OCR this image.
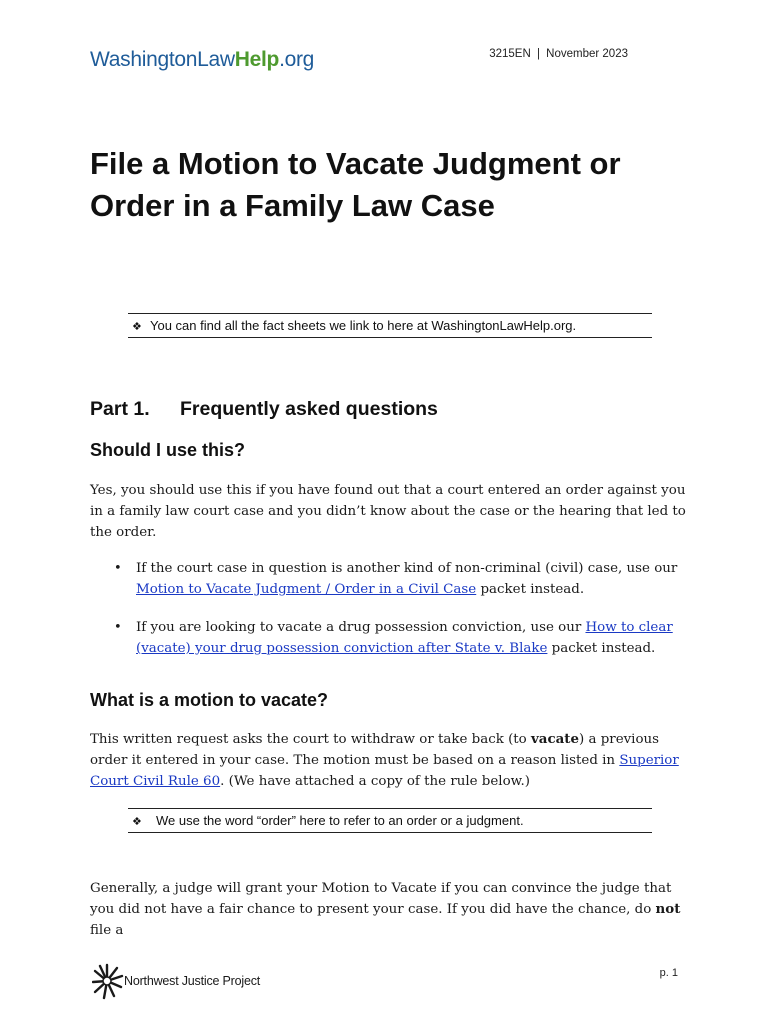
WashingtonLawHelp.org	3215EN | November 2023
File a Motion to Vacate Judgment or Order in a Family Law Case
❖ You can find all the fact sheets we link to here at WashingtonLawHelp.org.
Part 1. Frequently asked questions
Should I use this?

Yes, you should use this if you have found out that a court entered an order against you in a family law court case and you didn’t know about the case or the hearing that led to the order.

• If the court case in question is another kind of non-criminal (civil) case, use our Motion to Vacate Judgment / Order in a Civil Case packet instead.
• If you are looking to vacate a drug possession conviction, use our How to clear (vacate) your drug possession conviction after State v. Blake packet instead.
What is a motion to vacate?

This written request asks the court to withdraw or take back (to vacate) a previous order it entered in your case. The motion must be based on a reason listed in Superior Court Civil Rule 60. (We have attached a copy of the rule below.)

❖ We use the word “order” here to refer to an order or a judgment.

Generally, a judge will grant your Motion to Vacate if you can convince the judge that you did not have a fair chance to present your case. If you did have the chance, do not file a

Northwest Justice Project
p. 1
